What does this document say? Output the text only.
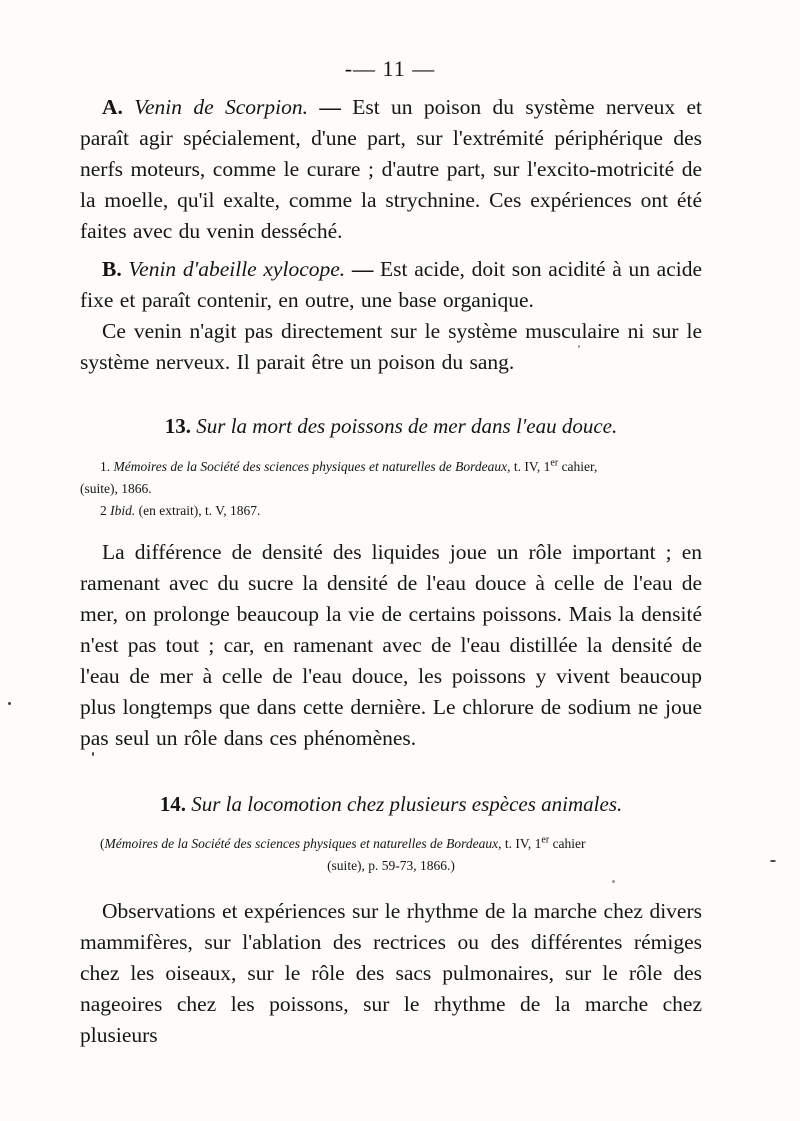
-— 11 —

A. Venin de Scorpion. — Est un poison du système nerveux et paraît agir spécialement, d'une part, sur l'extrémité périphérique des nerfs moteurs, comme le curare ; d'autre part, sur l'excito-motricité de la moelle, qu'il exalte, comme la strychnine. Ces expériences ont été faites avec du venin desséché.

B. Venin d'abeille xylocope. — Est acide, doit son acidité à un acide fixe et paraît contenir, en outre, une base organique.

Ce venin n'agit pas directement sur le système musculaire ni sur le système nerveux. Il parait être un poison du sang.

13. Sur la mort des poissons de mer dans l'eau douce.

1. Mémoires de la Société des sciences physiques et naturelles de Bordeaux, t. IV, 1er cahier,

(suite), 1866.

2 Ibid. (en extrait), t. V, 1867.

La différence de densité des liquides joue un rôle important ; en ramenant avec du sucre la densité de l'eau douce à celle de l'eau de mer, on prolonge beaucoup la vie de certains poissons. Mais la densité n'est pas tout ; car, en ramenant avec de l'eau distillée la densité de l'eau de mer à celle de l'eau douce, les poissons y vivent beaucoup plus longtemps que dans cette dernière. Le chlorure de sodium ne joue pas seul un rôle dans ces phénomènes.

14. Sur la locomotion chez plusieurs espèces animales.

(Mémoires de la Société des sciences physiques et naturelles de Bordeaux, t. IV, 1er cahier

(suite), p. 59-73, 1866.)

Observations et expériences sur le rhythme de la marche chez divers mammifères, sur l'ablation des rectrices ou des différentes rémiges chez les oiseaux, sur le rôle des sacs pulmonaires, sur le rôle des nageoires chez les poissons, sur le rhythme de la marche chez plusieurs
